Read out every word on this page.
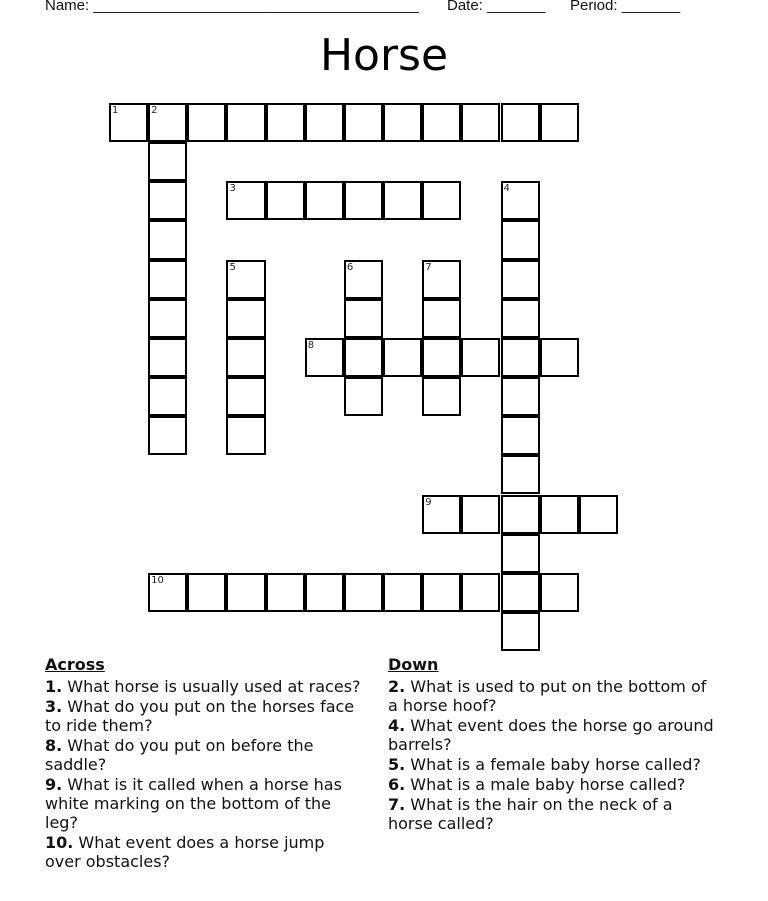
Name: _______________________________________

Date: _______

Period: _______

Horse
1	2
3	4
5	6	7
8
9
10
Across
1. What horse is usually used at races?
3. What do you put on the horses face to ride them?
8. What do you put on before the saddle?
9. What is it called when a horse has white marking on the bottom of the leg?
10. What event does a horse jump over obstacles?
Down
2. What is used to put on the bottom of a horse hoof?
4. What event does the horse go around barrels?
5. What is a female baby horse called?
6. What is a male baby horse called?
7. What is the hair on the neck of a horse called?
